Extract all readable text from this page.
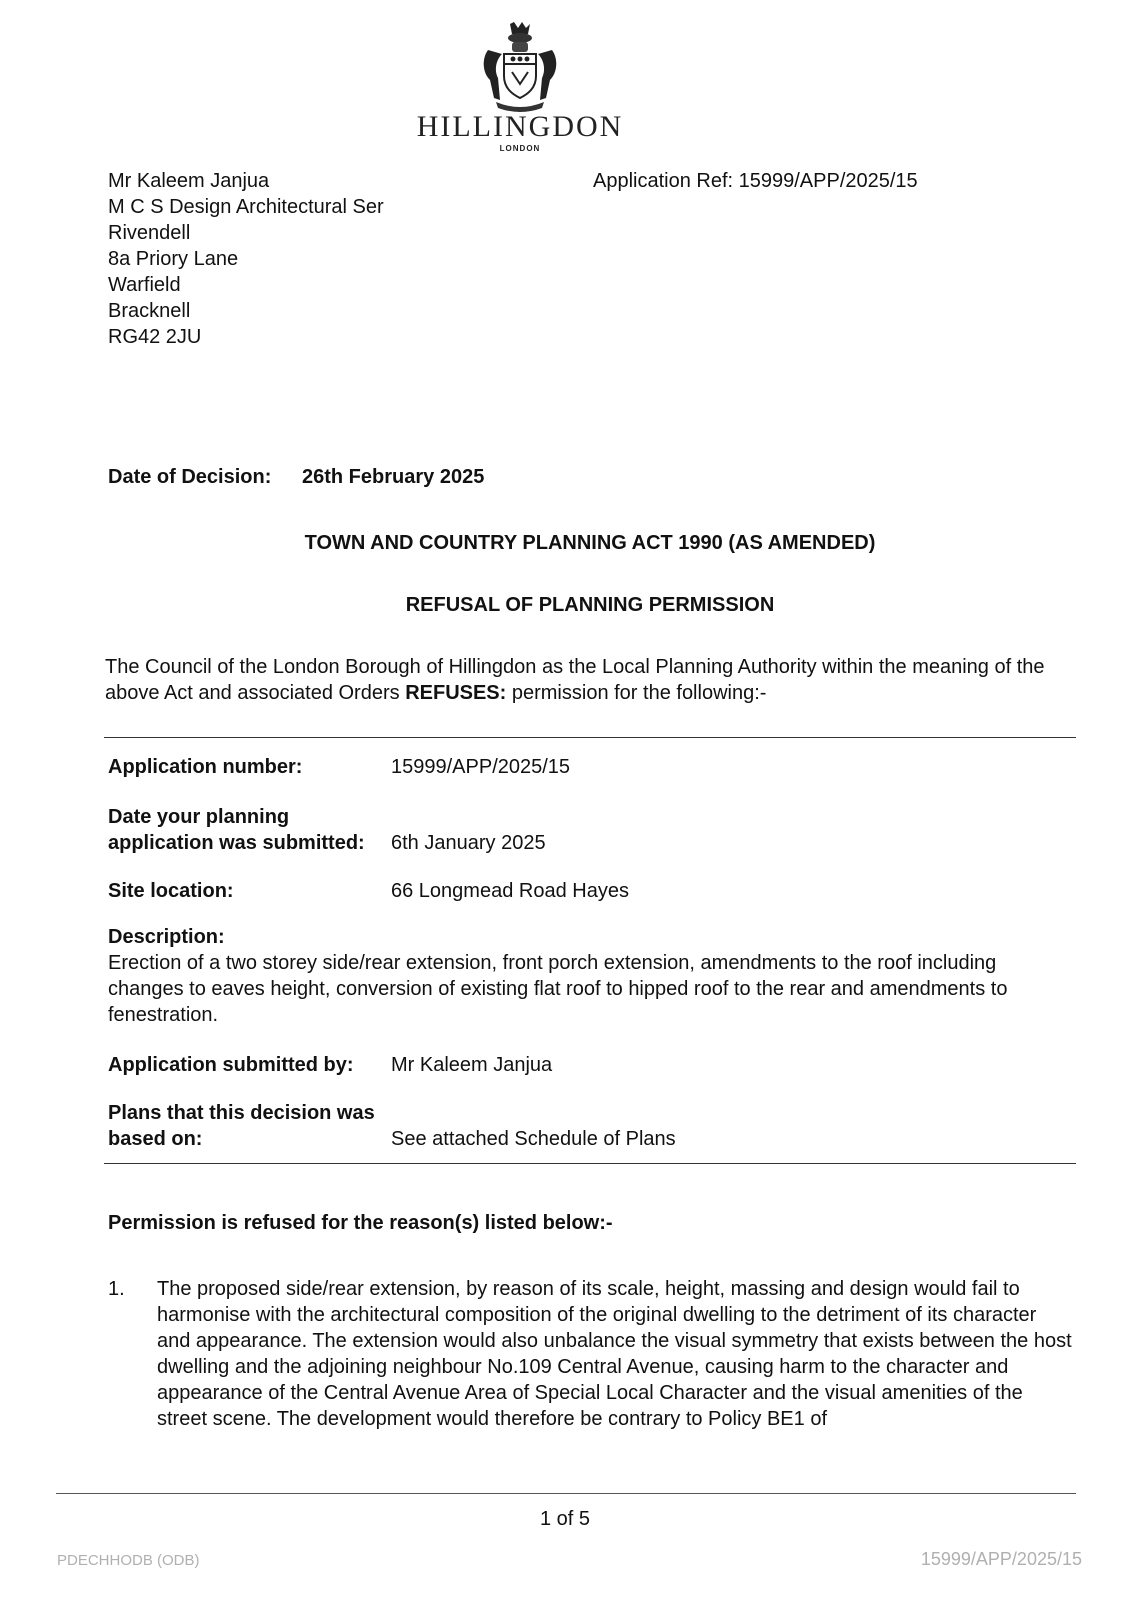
HILLINGDON
LONDON
Mr Kaleem Janjua
M C S Design Architectural Ser
Rivendell
8a Priory Lane
Warfield
Bracknell
RG42 2JU
Application Ref: 15999/APP/2025/15
Date of Decision: 26th February 2025
TOWN AND COUNTRY PLANNING ACT 1990 (AS AMENDED)
REFUSAL OF PLANNING PERMISSION
The Council of the London Borough of Hillingdon as the Local Planning Authority within the meaning of the above Act and associated Orders REFUSES: permission for the following:-
Application number:	15999/APP/2025/15
Date your planning
application was submitted: 6th January 2025
Site location:	66 Longmead Road Hayes
Description:
Erection of a two storey side/rear extension, front porch extension, amendments to the roof including changes to eaves height, conversion of existing flat roof to hipped roof to the rear and amendments to fenestration.
Application submitted by: Mr Kaleem Janjua
Plans that this decision was
based on:	See attached Schedule of Plans
Permission is refused for the reason(s) listed below:-
1. The proposed side/rear extension, by reason of its scale, height, massing and design would fail to harmonise with the architectural composition of the original dwelling to the detriment of its character and appearance. The extension would also unbalance the visual symmetry that exists between the host dwelling and the adjoining neighbour No.109 Central Avenue, causing harm to the character and appearance of the Central Avenue Area of Special Local Character and the visual amenities of the street scene. The development would therefore be contrary to Policy BE1 of
1 of 5
PDECHHODB (ODB)	15999/APP/2025/15
